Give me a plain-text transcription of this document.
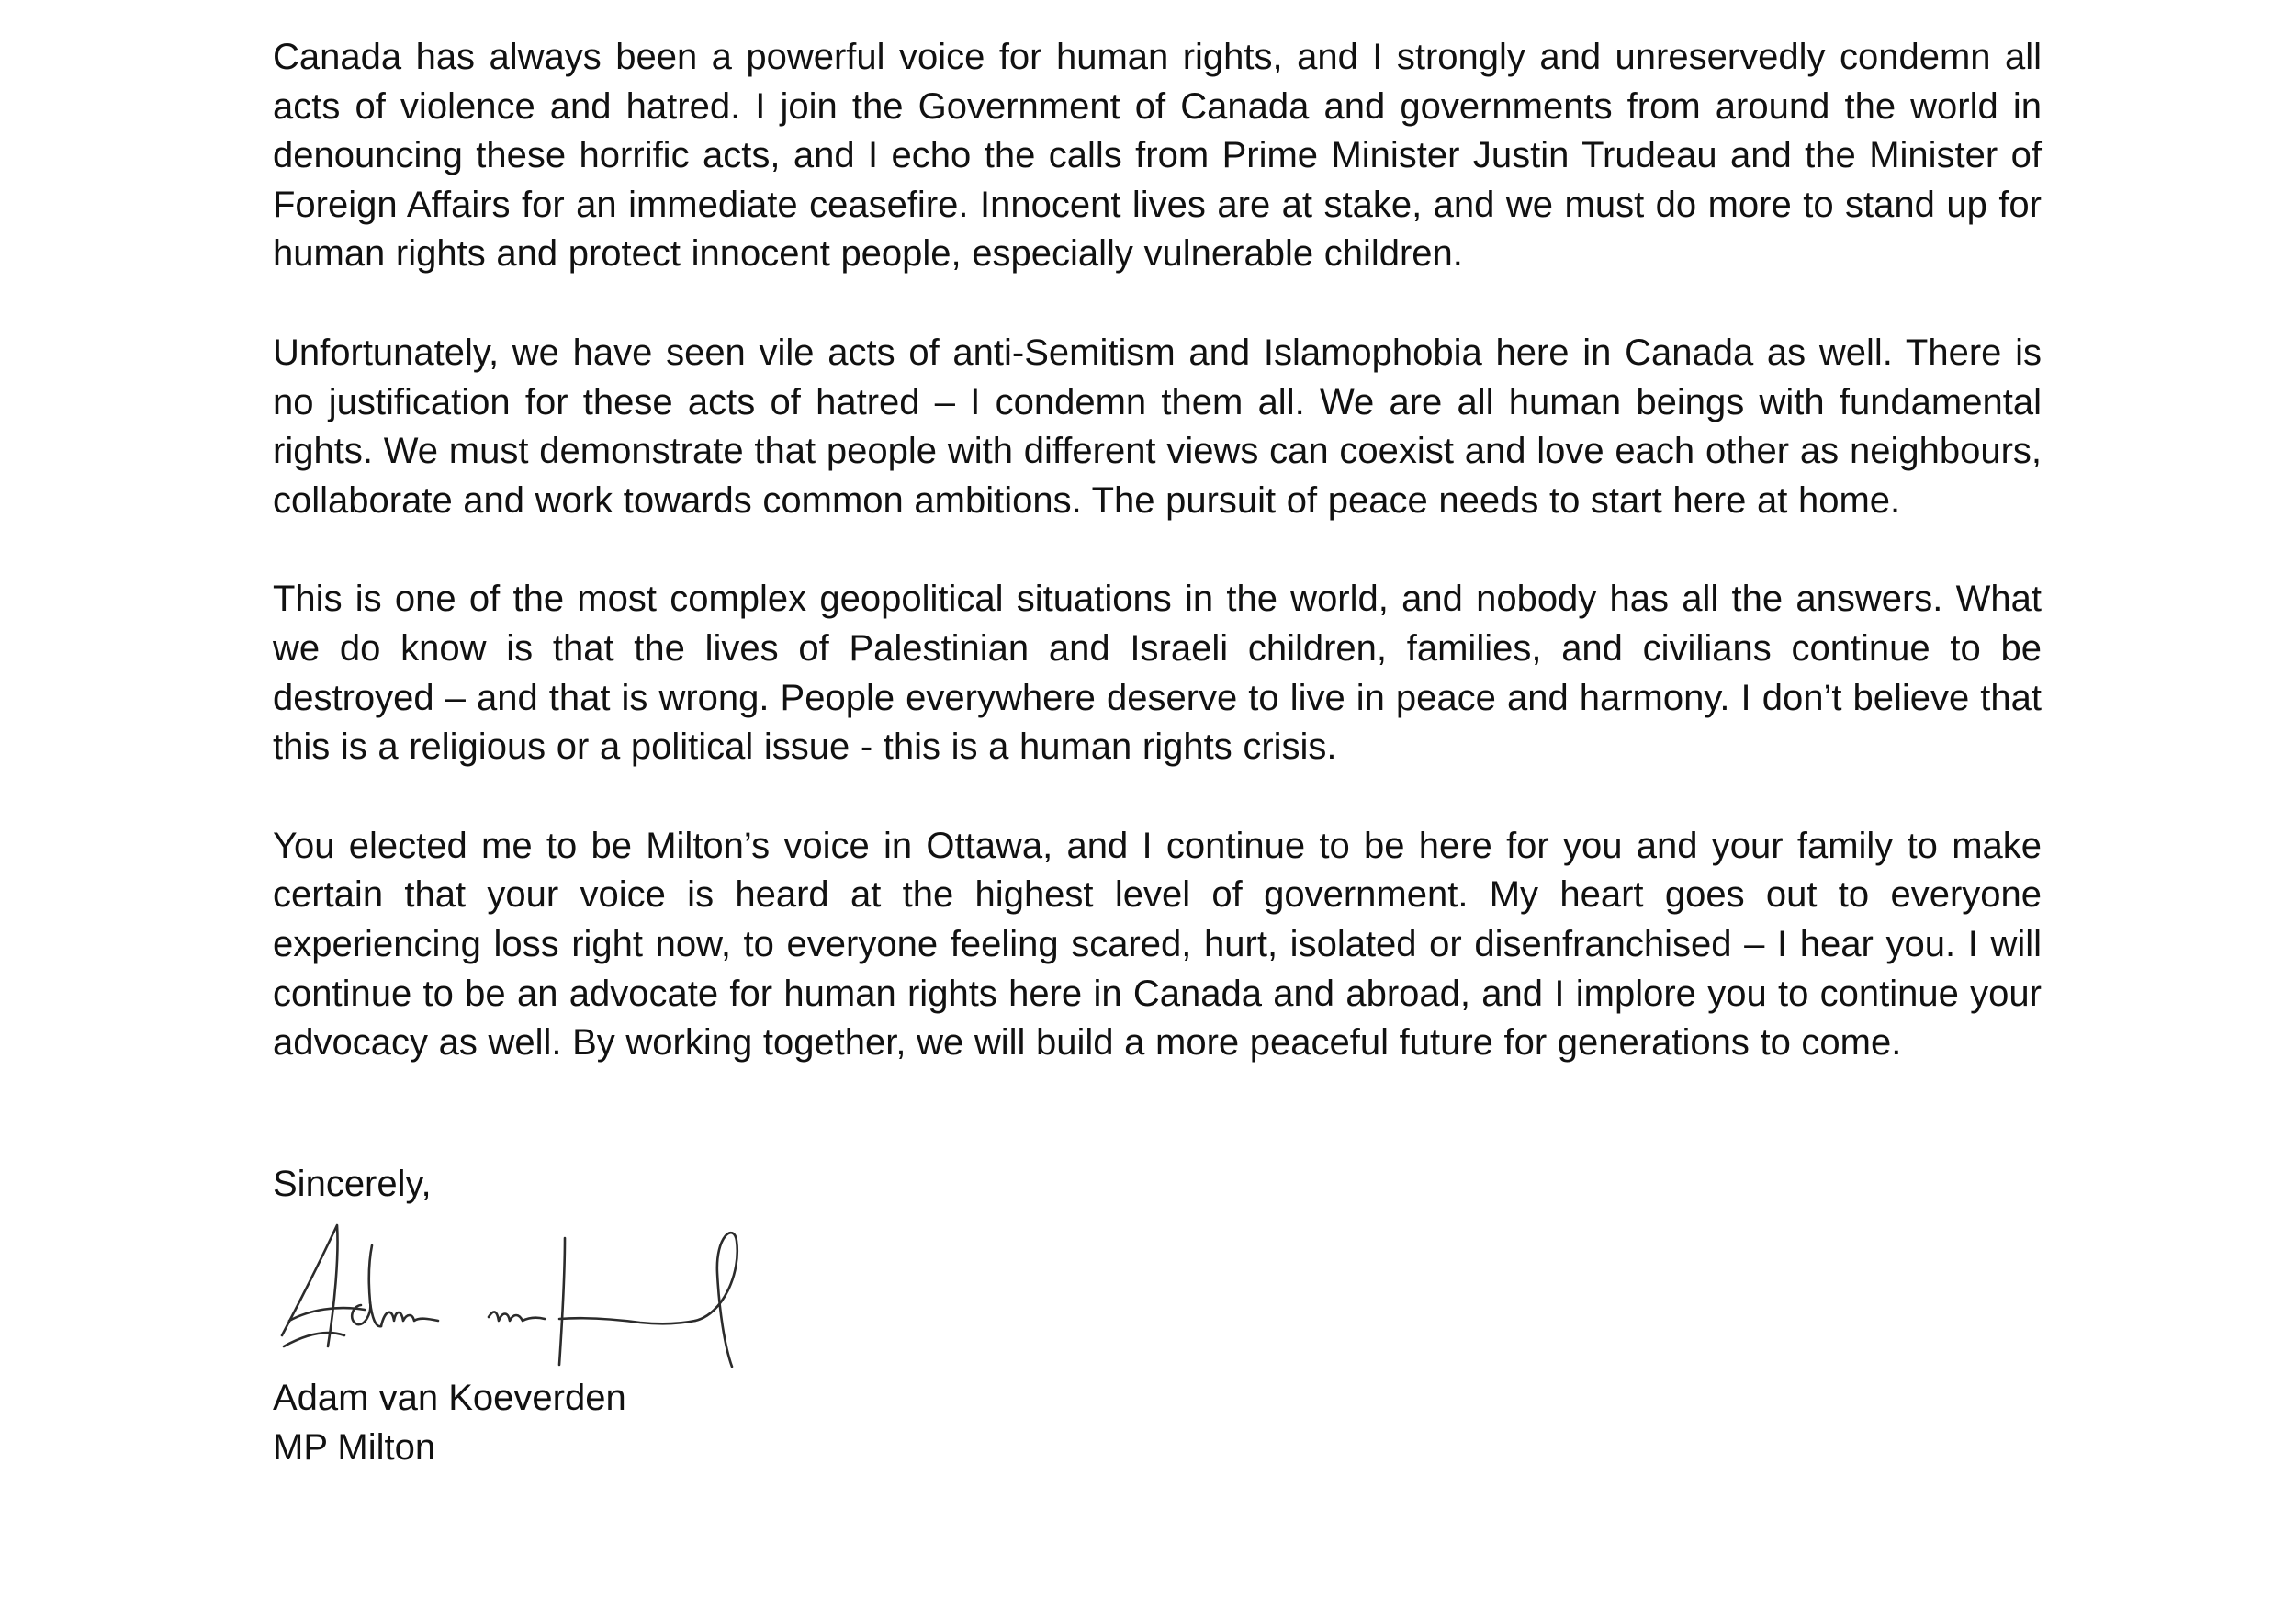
Canada has always been a powerful voice for human rights, and I strongly and unreservedly condemn all acts of violence and hatred. I join the Government of Canada and governments from around the world in denouncing these horrific acts, and I echo the calls from Prime Minister Justin Trudeau and the Minister of Foreign Affairs for an immediate ceasefire. Innocent lives are at stake, and we must do more to stand up for human rights and protect innocent people, especially vulnerable children.

Unfortunately, we have seen vile acts of anti-Semitism and Islamophobia here in Canada as well. There is no justification for these acts of hatred – I condemn them all. We are all human beings with fundamental rights. We must demonstrate that people with different views can coexist and love each other as neighbours, collaborate and work towards common ambitions. The pursuit of peace needs to start here at home.

This is one of the most complex geopolitical situations in the world, and nobody has all the answers. What we do know is that the lives of Palestinian and Israeli children, families, and civilians continue to be destroyed – and that is wrong. People everywhere deserve to live in peace and harmony. I don’t believe that this is a religious or a political issue - this is a human rights crisis.

You elected me to be Milton’s voice in Ottawa, and I continue to be here for you and your family to make certain that your voice is heard at the highest level of government. My heart goes out to everyone experiencing loss right now, to everyone feeling scared, hurt, isolated or disenfranchised – I hear you. I will continue to be an advocate for human rights here in Canada and abroad, and I implore you to continue your advocacy as well. By working together, we will build a more peaceful future for generations to come.

Sincerely,

Adam van Koeverden

MP Milton
